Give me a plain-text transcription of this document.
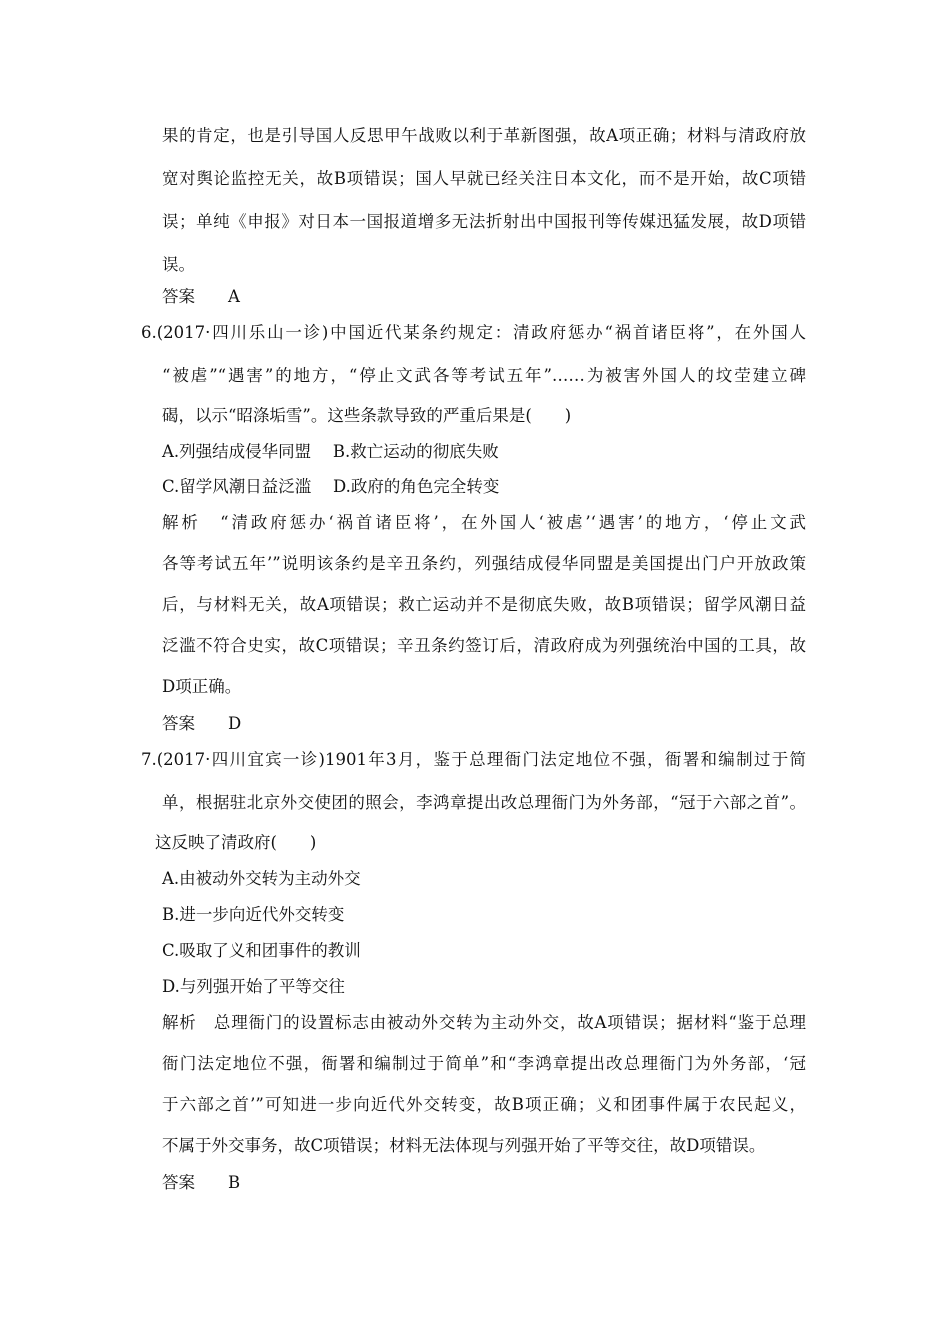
果的肯定，也是引导国人反思甲午战败以利于革新图强，故A项正确；材料与清政府放
宽对舆论监控无关，故B项错误；国人早就已经关注日本文化，而不是开始，故C项错
误；单纯《申报》对日本一国报道增多无法折射出中国报刊等传媒迅猛发展，故D项错
误。
答案 A
6.(2017·四川乐山一诊)中国近代某条约规定：清政府惩办“祸首诸臣将”，在外国人
“被虐”“遇害”的地方，“停止文武各等考试五年”……为被害外国人的坟茔建立碑
碣，以示“昭涤垢雪”。这些条款导致的严重后果是(　　)
A.列强结成侵华同盟　 B.救亡运动的彻底失败
C.留学风潮日益泛滥　 D.政府的角色完全转变
解析　 “清政府惩办‘祸首诸臣将’，在外国人‘被虐’‘遇害’的地方，‘停止文武
各等考试五年’”说明该条约是辛丑条约，列强结成侵华同盟是美国提出门户开放政策
后，与材料无关，故A项错误；救亡运动并不是彻底失败，故B项错误；留学风潮日益
泛滥不符合史实，故C项错误；辛丑条约签订后，清政府成为列强统治中国的工具，故
D项正确。
答案 D
7.(2017·四川宜宾一诊)1901年3月，鉴于总理衙门法定地位不强，衙署和编制过于简
单，根据驻北京外交使团的照会，李鸿章提出改总理衙门为外务部，“冠于六部之首”。
这反映了清政府(　　)
A.由被动外交转为主动外交
B.进一步向近代外交转变
C.吸取了义和团事件的教训
D.与列强开始了平等交往
解析　 总理衙门的设置标志由被动外交转为主动外交，故A项错误；据材料“鉴于总理
衙门法定地位不强，衙署和编制过于简单”和“李鸿章提出改总理衙门为外务部，‘冠
于六部之首’”可知进一步向近代外交转变，故B项正确；义和团事件属于农民起义，
不属于外交事务，故C项错误；材料无法体现与列强开始了平等交往，故D项错误。
答案 B
